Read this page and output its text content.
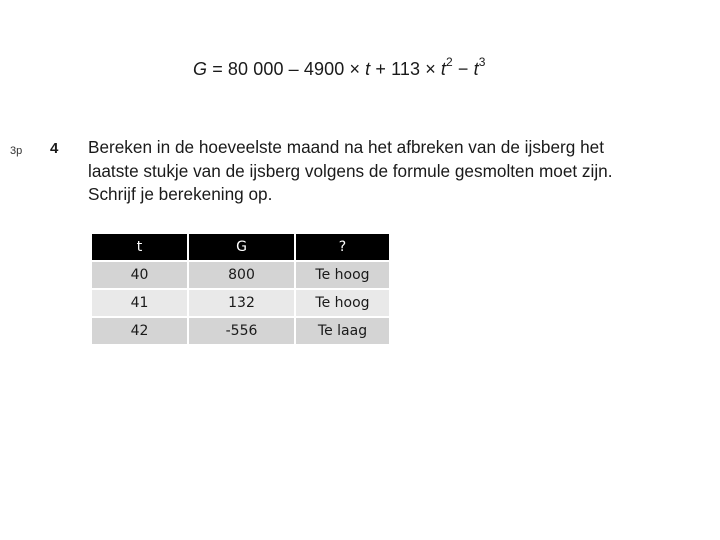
G = 80 $000 - 4900 \times t + 113 \times t^2 - t^3$
3p 4 Bereken in de hoeveelste maand na het afbreken van de ijsberg het
laatste stukje van de ijsberg volgens de formule gesmolten moet zijn.
Schrijf je berekening op.
t	G	?
40	800	Te hoog
41	132	Te hoog
42	-556	Te laag
